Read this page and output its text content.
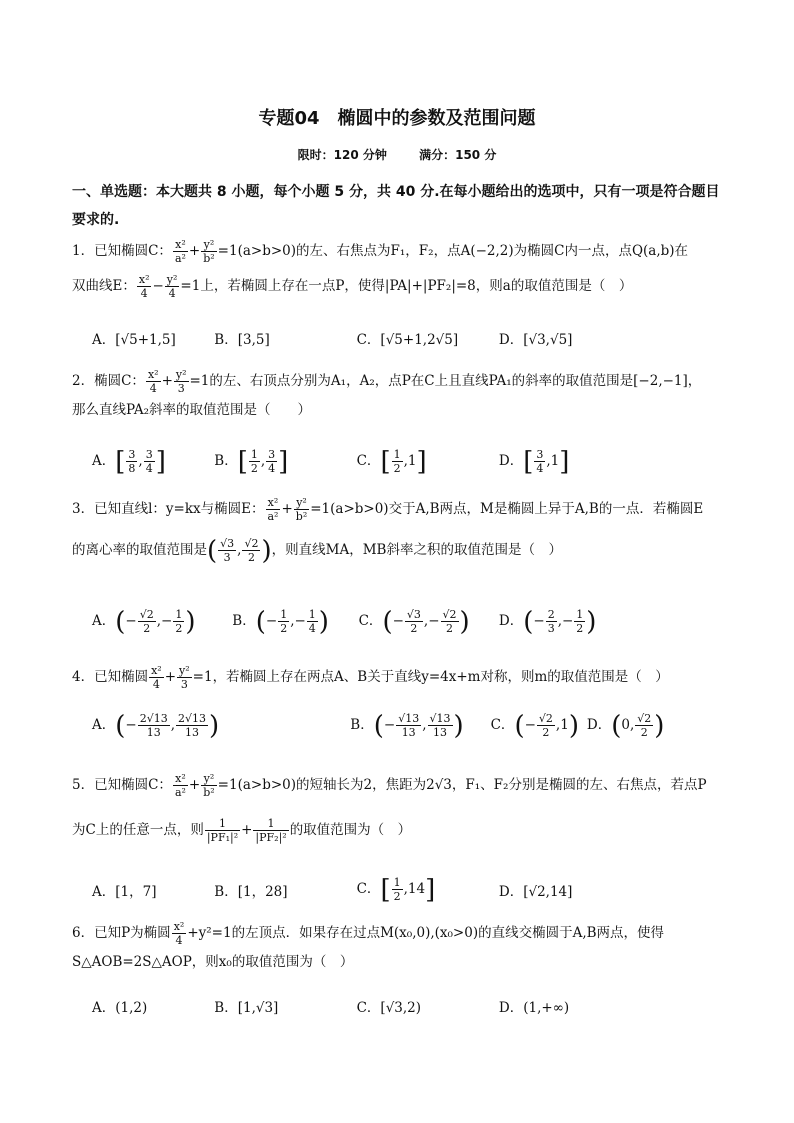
专题04　椭圆中的参数及范围问题
限时：120 分钟	满分：150 分
一、单选题：本大题共 8 小题，每个小题 5 分，共 40 分.在每小题给出的选项中，只有一项是符合题目要求的.
1．已知椭圆C： $\frac{\text{x²}}{\text{a²}} + \frac{\text{y²}}{\text{b²}} =1(a>b>0)$的左、右焦点为F₁，F₂，点A(−2,2)为椭圆C内一点，点Q(a,b)在
双曲线E： $\frac{\text{x²}}{4} - \frac{\text{y²}}{4} =1$上，若椭圆上存在一点P，使得|PA|+|PF₂|=8，则a的取值范围是（　）
A．[√5+1,5]	B．[3,5]	C．[√5+1,2√5]	D．[√3,√5]
2．椭圆C： $\frac{\text{x²}}{4} + \frac{\text{y²}}{3} =1$的左、右顶点分别为A₁，A₂，点P在C上且直线PA₁的斜率的取值范围是[−2,−1]，
那么直线PA₂斜率的取值范围是（　　）
A．[ $\frac{3}{8}$ , $\frac{3}{4}$ ]	B．[ $\frac{1}{2}$ , $\frac{3}{4}$ ]	C．[ $\frac{1}{2} ,1$]	D．[ $\frac{3}{4} ,1$]
3．已知直线l：y=kx与椭圆E： $\frac{\text{x²}}{\text{a²}} + \frac{\text{y²}}{\text{b²}} =1(a>b>0)$交于A,B两点，M是椭圆上异于A,B的一点．若椭圆E
的离心率的取值范围是( $\frac{√3}{3}$ , $\frac{√2}{2}$ )，则直线MA，MB斜率之积的取值范围是（　）
A．(− $\frac{√2}{2}$ ,− $\frac{1}{2}$ )	B．(− $\frac{1}{2}$ ,− $\frac{1}{4}$ ) C．(− $\frac{√3}{2}$ ,− $\frac{√2}{2}$ ) D．(− $\frac{2}{3}$ ,− $\frac{1}{2}$ )
4．已知椭圆 $\frac{\text{x²}}{4} + \frac{\text{y²}}{3} =1$，若椭圆上存在两点A、B关于直线y=4x+m对称，则m的取值范围是（　）
A．(− $\frac{2√13}{13}$ , $\frac{2√13}{13}$ )	B．(− $\frac{√13}{13}$ , $\frac{√13}{13}$ ) C．(− $\frac{√2}{2} ,1$) D．(0, $\frac{√2}{2}$ )
5．已知椭圆C： $\frac{\text{x²}}{\text{a²}} + \frac{\text{y²}}{\text{b²}} =1(a>b>0)$的短轴长为2，焦距为2√3，F₁、F₂分别是椭圆的左、右焦点，若点P
为C上的任意一点，则 $\frac{1}{\text{|PF₁|²}} + \frac{1}{\text{|PF₂|²}}$ 的取值范围为（　）
A．[1，7]	B．[1，28]	C．[ $\frac{1}{2} ,14$]	D．[√2,14]
6．已知P为椭圆 $\frac{\text{x²}}{4} +y^2=1$的左顶点．如果存在过点M(x₀,0),(x₀>0)的直线交椭圆于A,B两点，使得
S△AOB=2S△AOP，则x₀的取值范围为（　）
A．(1,2)	B．[1,√3]	C．[√3,2)	D．(1,+∞)
